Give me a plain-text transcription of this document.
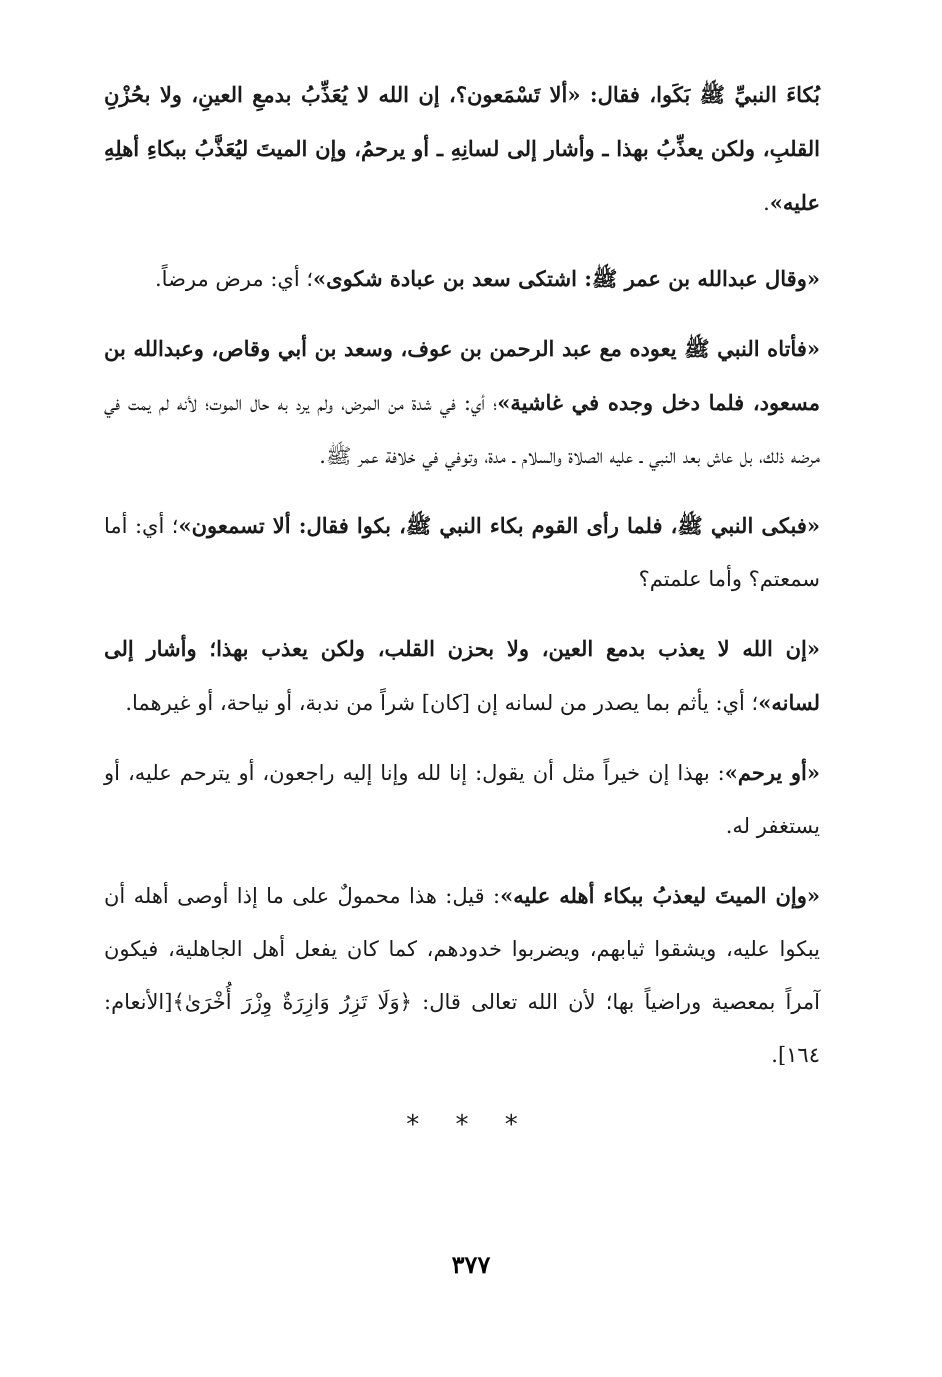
بُكاءَ النبيِّ ﷺ بَكَوا، فقال: «ألا تَسْمَعون؟، إن الله لا يُعَذِّبُ بدمعِ العينِ، ولا بحُزْنِ القلبِ، ولكن يعذِّبُ بهذا ـ وأشار إلى لسانِهِ ـ أو يرحمُ، وإن الميتَ ليُعَذَّبُ ببكاءِ أهلِهِ عليه».

«وقال عبدالله بن عمر ﷺ: اشتكى سعد بن عبادة شكوى»؛ أي: مرض مرضاً.

«فأتاه النبي ﷺ يعوده مع عبد الرحمن بن عوف، وسعد بن أبي وقاص، وعبدالله بن مسعود، فلما دخل وجده في غاشية»؛ أي: في شدة من المرض، ولم يرد به حال الموت؛ لأنه لم يمت في مرضه ذلك، بل عاش بعد النبي ـ عليه الصلاة والسلام ـ مدة، وتوفي في خلافة عمر ﷺ.

«فبكى النبي ﷺ، فلما رأى القوم بكاء النبي ﷺ، بكوا فقال: ألا تسمعون»؛ أي: أما سمعتم؟ وأما علمتم؟

«إن الله لا يعذب بدمع العين، ولا بحزن القلب، ولكن يعذب بهذا؛ وأشار إلى لسانه»؛ أي: يأثم بما يصدر من لسانه إن [كان] شراً من ندبة، أو نياحة، أو غيرهما.

«أو يرحم»: بهذا إن خيراً مثل أن يقول: إنا لله وإنا إليه راجعون، أو يترحم عليه، أو يستغفر له.

«وإن الميتَ ليعذبُ ببكاء أهله عليه»: قيل: هذا محمولٌ على ما إذا أوصى أهله أن يبكوا عليه، ويشقوا ثيابهم، ويضربوا خدودهم، كما كان يفعل أهل الجاهلية، فيكون آمراً بمعصية وراضياً بها؛ لأن الله تعالى قال: ﴿وَلَا تَزِرُ وَازِرَةٌ وِزْرَ أُخْرَىٰ﴾[الأنعام: ١٦٤].

* * *
٣٧٧
